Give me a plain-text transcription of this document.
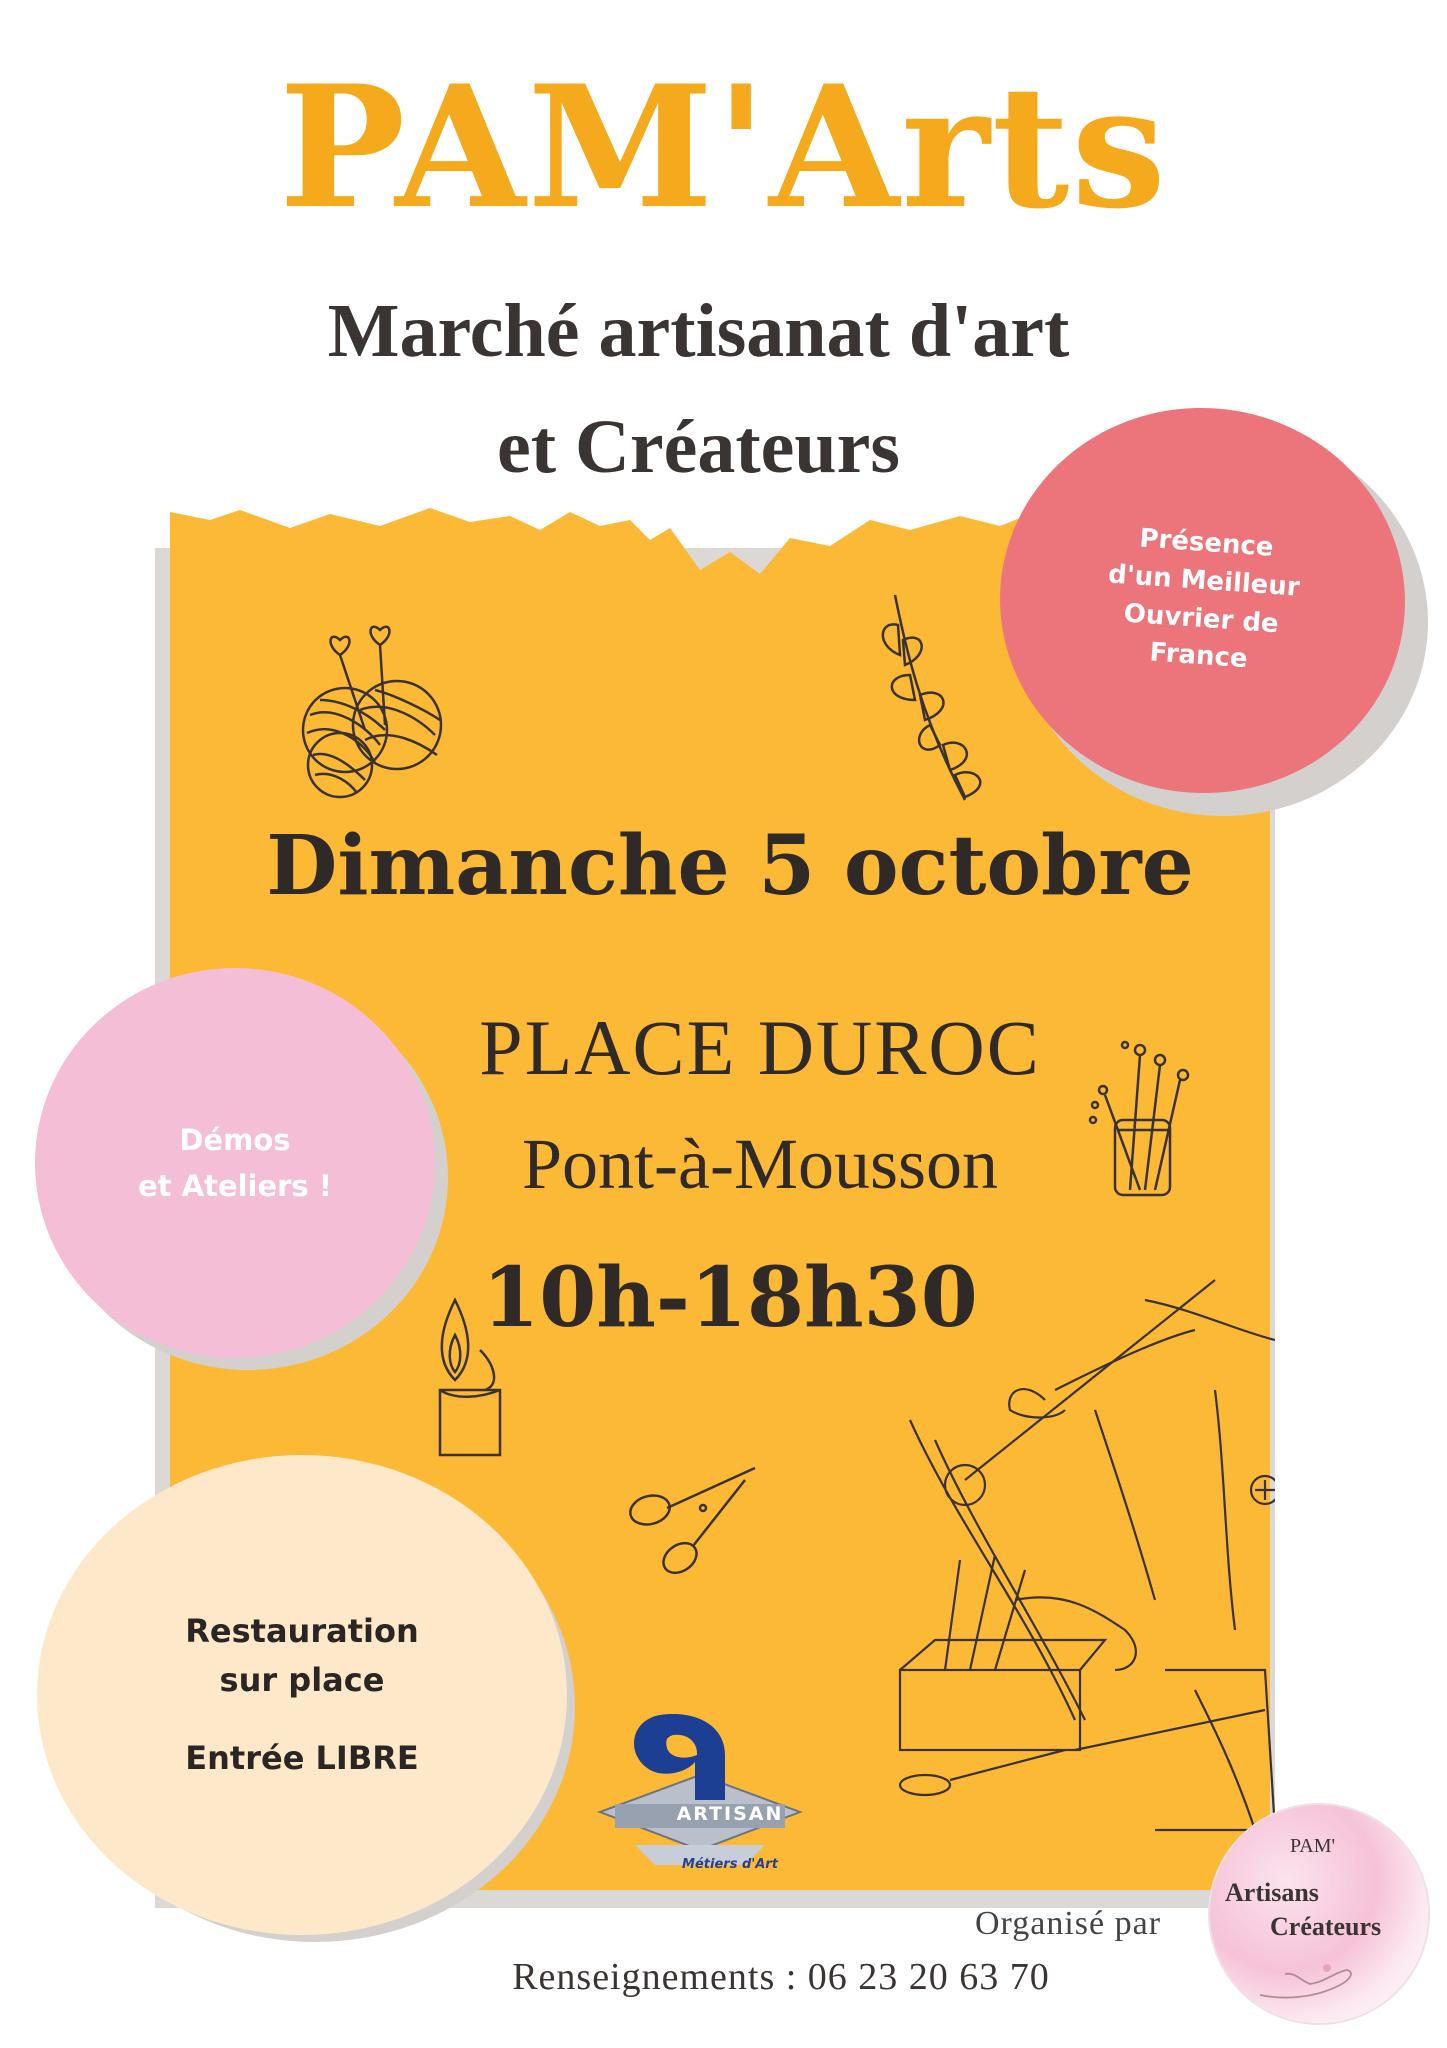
PAM'Arts
Marché artisanat d'art
et Créateurs
ARTISAN
Métiers d'Art
Présence d'un Meilleur Ouvrier de France
Démos
et Ateliers !

Restauration sur place

Entrée LIBRE

Dimanche 5 octobre
PLACE DUROC
Pont-à-Mousson
10h-18h30
Organisé par
Renseignements : 06 23 20 63 70
PAM'
Artisans
Créateurs
